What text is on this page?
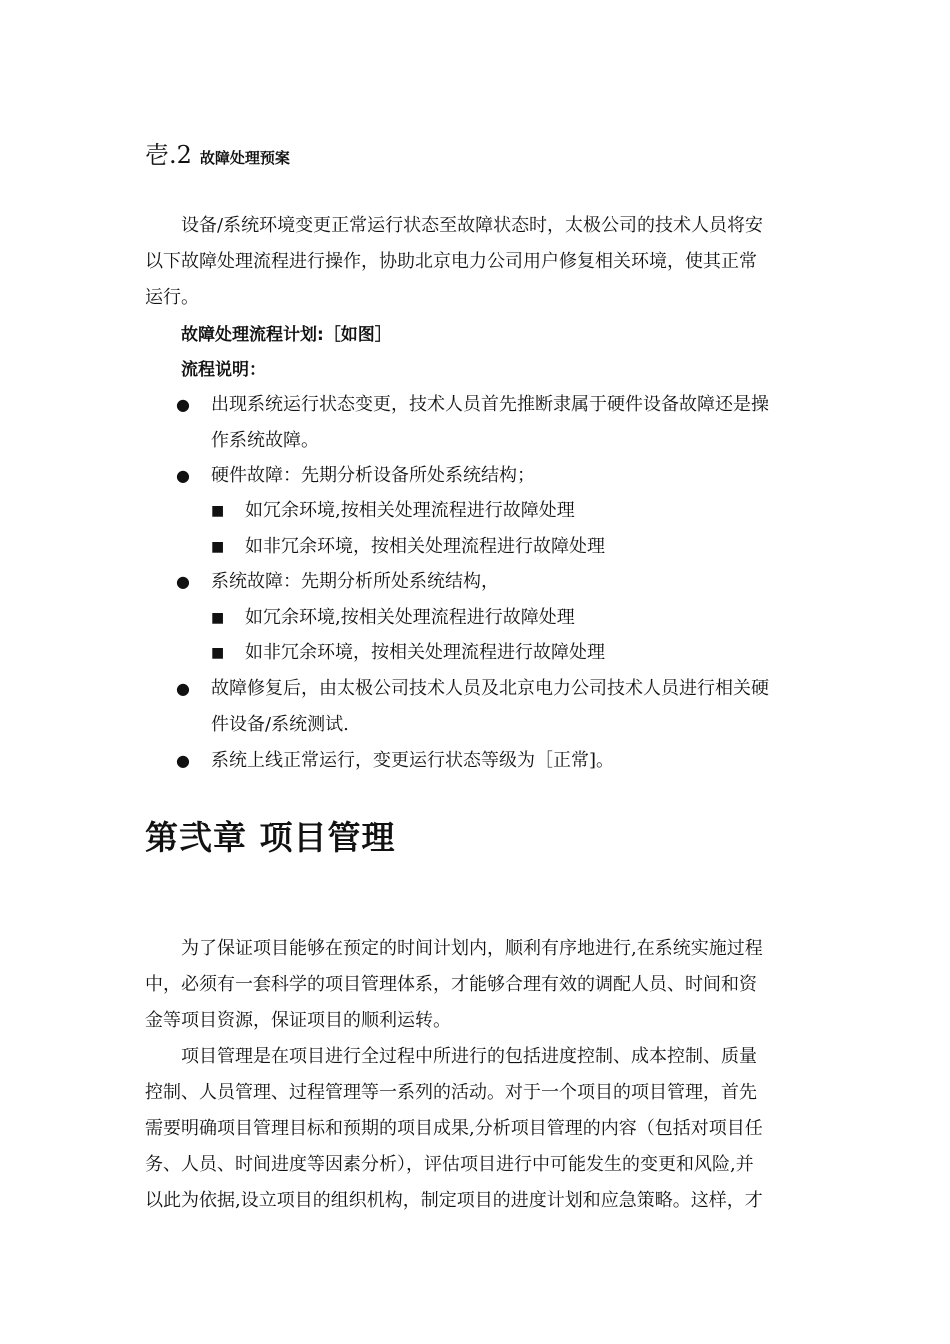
壱.2 故障处理预案
设备/系统环境变更正常运行状态至故障状态时，太极公司的技术人员将安
以下故障处理流程进行操作，协助北京电力公司用户修复相关环境，使其正常
运行。
故障处理流程计划:［如图］
流程说明：
● 出现系统运行状态变更，技术人员首先推断隶属于硬件设备故障还是操
作系统故障。
● 硬件故障：先期分析设备所处系统结构；
■ 如冗余环境,按相关处理流程进行故障处理
■ 如非冗余环境，按相关处理流程进行故障处理
● 系统故障：先期分析所处系统结构，
■ 如冗余环境,按相关处理流程进行故障处理
■ 如非冗余环境，按相关处理流程进行故障处理
● 故障修复后，由太极公司技术人员及北京电力公司技术人员进行相关硬
件设备/系统测试.
● 系统上线正常运行，变更运行状态等级为［正常]。
第弐章 项目管理
为了保证项目能够在预定的时间计划内，顺利有序地进行,在系统实施过程
中，必须有一套科学的项目管理体系，才能够合理有效的调配人员、时间和资
金等项目资源，保证项目的顺利运转。
项目管理是在项目进行全过程中所进行的包括进度控制、成本控制、质量
控制、人员管理、过程管理等一系列的活动。对于一个项目的项目管理，首先
需要明确项目管理目标和预期的项目成果,分析项目管理的内容（包括对项目任
务、人员、时间进度等因素分析），评估项目进行中可能发生的变更和风险,并
以此为依据,设立项目的组织机构，制定项目的进度计划和应急策略。这样，才
